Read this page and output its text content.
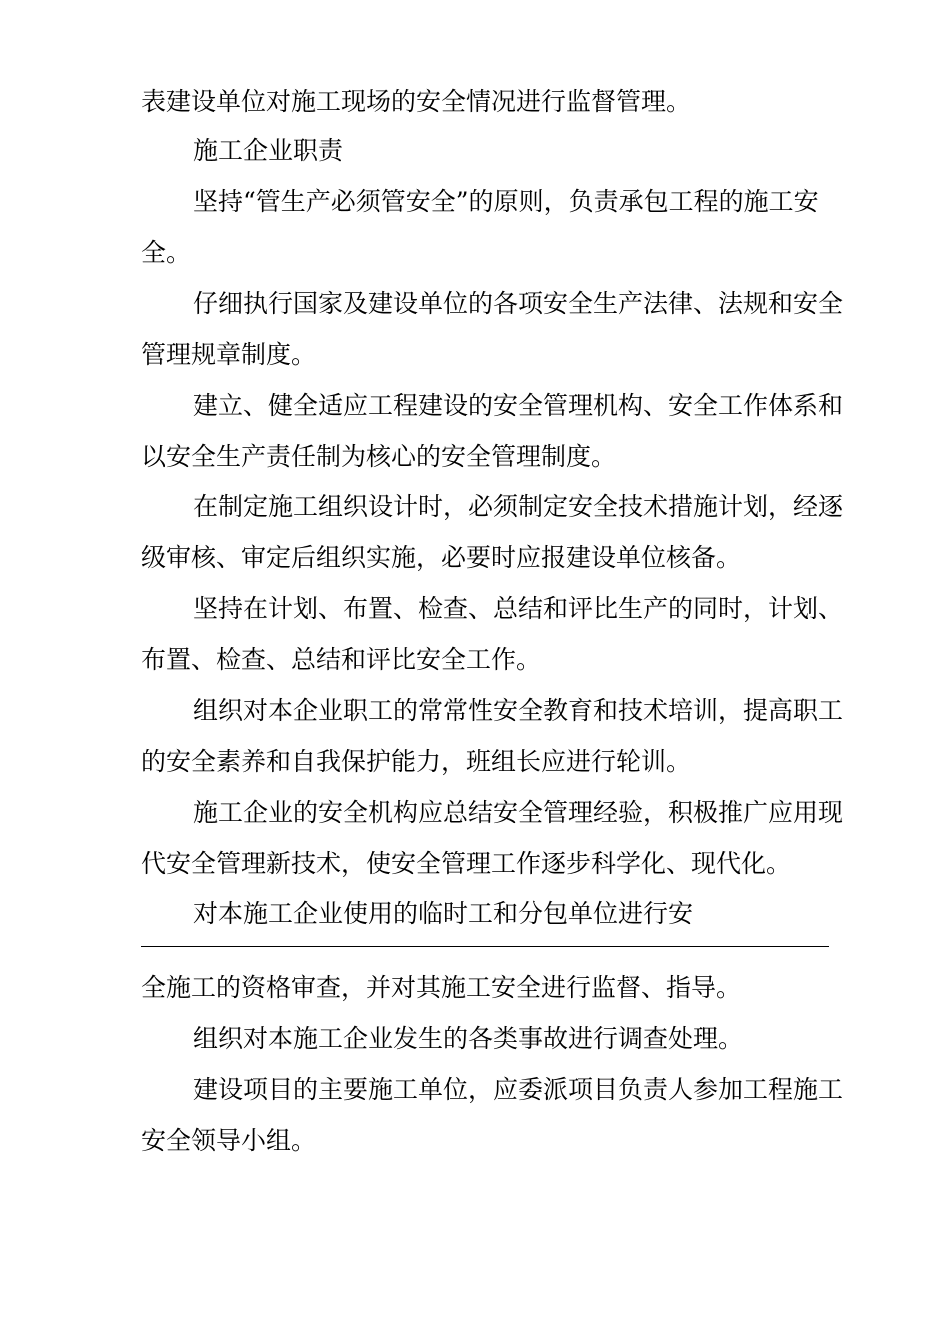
表建设单位对施工现场的安全情况进行监督管理。
施工企业职责
坚持“管生产必须管安全”的原则，负责承包工程的施工安
全。
仔细执行国家及建设单位的各项安全生产法律、法规和安全
管理规章制度。
建立、健全适应工程建设的安全管理机构、安全工作体系和
以安全生产责任制为核心的安全管理制度。
在制定施工组织设计时，必须制定安全技术措施计划，经逐
级审核、审定后组织实施，必要时应报建设单位核备。
坚持在计划、布置、检查、总结和评比生产的同时，计划、
布置、检查、总结和评比安全工作。
组织对本企业职工的常常性安全教育和技术培训，提高职工
的安全素养和自我保护能力，班组长应进行轮训。
施工企业的安全机构应总结安全管理经验，积极推广应用现
代安全管理新技术，使安全管理工作逐步科学化、现代化。
对本施工企业使用的临时工和分包单位进行安
全施工的资格审查，并对其施工安全进行监督、指导。
组织对本施工企业发生的各类事故进行调查处理。
建设项目的主要施工单位，应委派项目负责人参加工程施工
安全领导小组。
